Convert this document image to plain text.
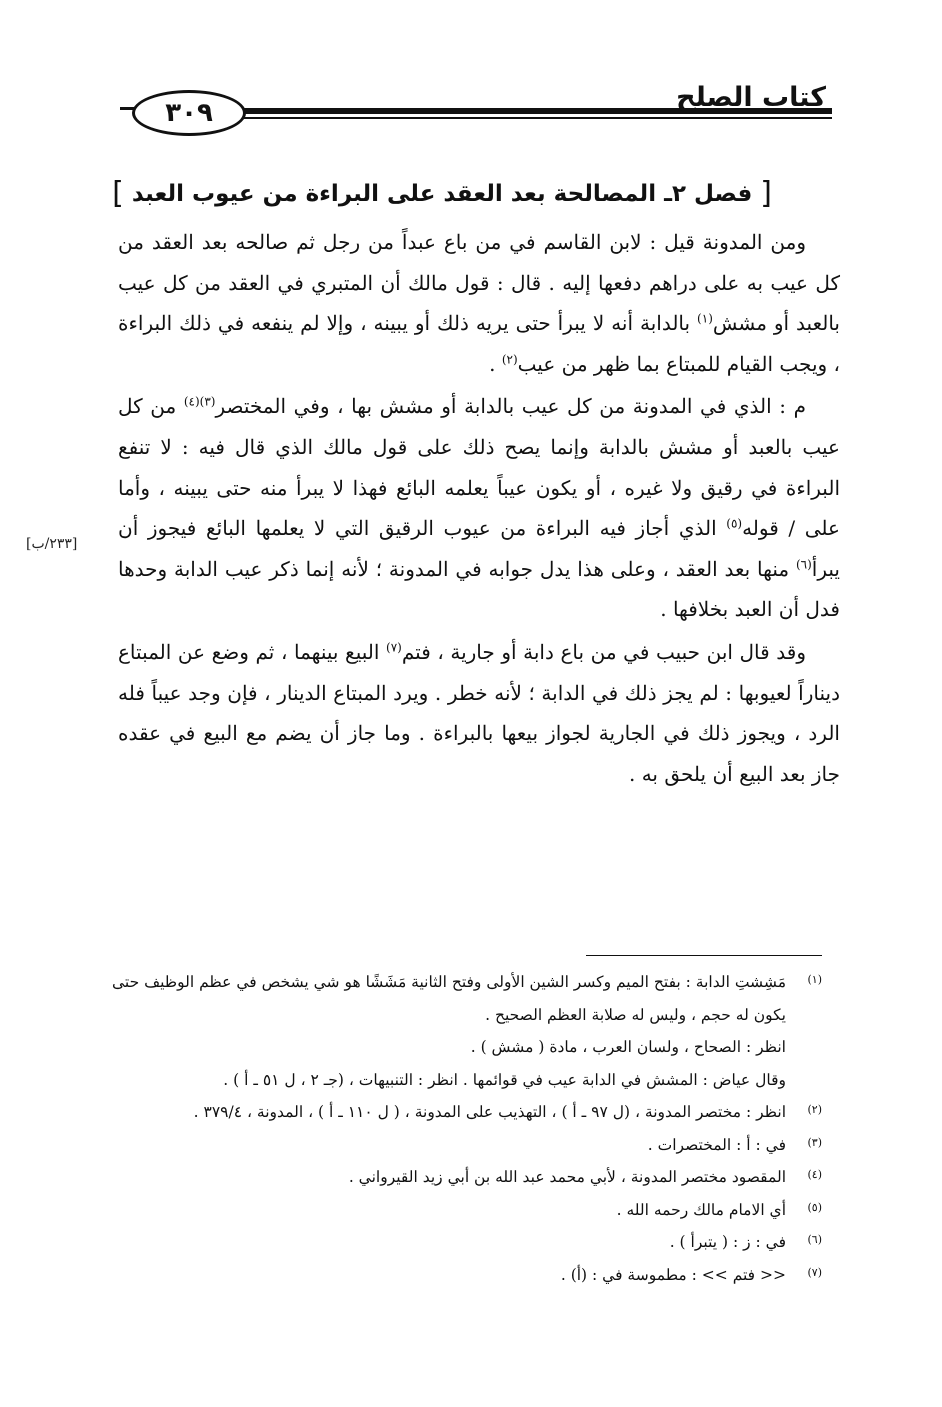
٣٠٩	كتاب الصلح
[ فصل ٢ـ المصالحة بعد العقد على البراءة من عيوب العبد ]

ومن المدونة قيل : لابن القاسم في من باع عبداً من رجل ثم صالحه بعد العقد من كل عيب به على دراهم دفعها إليه . قال : قول مالك أن المتبري في العقد من كل عيب بالعبد أو مشش$^{(١)}$ بالدابة أنه لا يبرأ حتى يريه ذلك أو يبينه ، وإلا لم ينفعه في ذلك البراءة ، ويجب القيام للمبتاع بما ظهر من عيب$^{(٢)}$ .

م : الذي في المدونة من كل عيب بالدابة أو مشش بها ، وفي المختصر$^{(٣)(٤)}$ من كل عيب بالعبد أو مشش بالدابة وإنما يصح ذلك على قول مالك الذي قال فيه : لا تنفع البراءة في رقيق ولا غيره ، أو يكون عيباً يعلمه البائع فهذا لا يبرأ منه حتى يبينه ، وأما على / قوله$^{(٥)}$ الذي أجاز فيه البراءة من عيوب الرقيق التي لا يعلمها البائع فيجوز أن يبرأ$^{(٦)}$ منها بعد العقد ، وعلى هذا يدل جوابه في المدونة ؛ لأنه إنما ذكر عيب الدابة وحدها فدل أن العبد بخلافها .

وقد قال ابن حبيب في من باع دابة أو جارية ، فتم$^{(٧)}$ البيع بينهما ، ثم وضع عن المبتاع ديناراً لعيوبها : لم يجز ذلك في الدابة ؛ لأنه خطر . ويرد المبتاع الدينار ، فإن وجد عيباً فله الرد ، ويجوز ذلك في الجارية لجواز بيعها بالبراءة . وما جاز أن يضم مع البيع في عقده جاز بعد البيع أن يلحق به .

[٢٣٣/ب]
(١)
مَشِشتِ الدابة : بفتح الميم وكسر الشين الأولى وفتح الثانية مَشَشًا هو شي يشخص في عظم الوظيف حتى
يكون له حجم ، وليس له صلابة العظم الصحيح .
انظر : الصحاح ، ولسان العرب ، مادة ( مشش ) .
وقال عياض : المشش في الدابة عيب في قوائمها . انظر : التنبيهات ، (جـ ٢ ، ل ٥١ ـ أ ) .
(٢)
انظر : مختصر المدونة ، (ل ٩٧ ـ أ ) ، التهذيب على المدونة ، ( ل ١١٠ ـ أ ) ، المدونة ، ٣٧٩/٤ .
(٣)
في : أ : المختصرات .
(٤)
المقصود مختصر المدونة ، لأبي محمد عبد الله بن أبي زيد القيرواني .
(٥)
أي الامام مالك رحمه الله .
(٦)
في : ز : ( يتبرأ ) .
(٧)
<< فتم >> : مطموسة في : (أ) .
